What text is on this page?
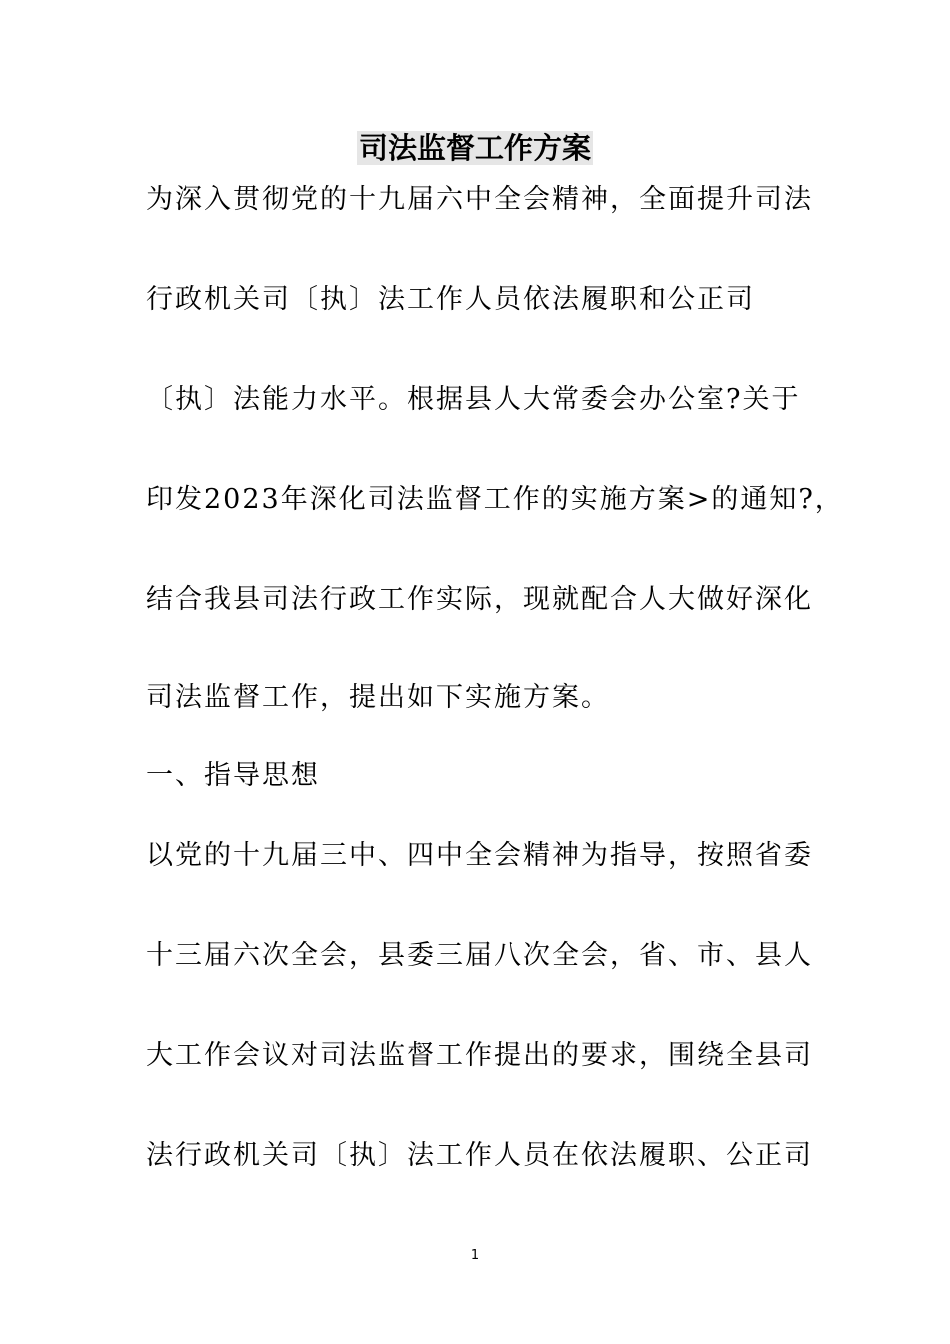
司法监督工作方案
为深入贯彻党的十九届六中全会精神，全面提升司法
行政机关司〔执〕法工作人员依法履职和公正司
〔执〕法能力水平。根据县人大常委会办公室?关于
印发2023年深化司法监督工作的实施方案>的通知?，
结合我县司法行政工作实际，现就配合人大做好深化
司法监督工作，提出如下实施方案。
一、指导思想
以党的十九届三中、四中全会精神为指导，按照省委
十三届六次全会，县委三届八次全会，省、市、县人
大工作会议对司法监督工作提出的要求，围绕全县司
法行政机关司〔执〕法工作人员在依法履职、公正司
1
